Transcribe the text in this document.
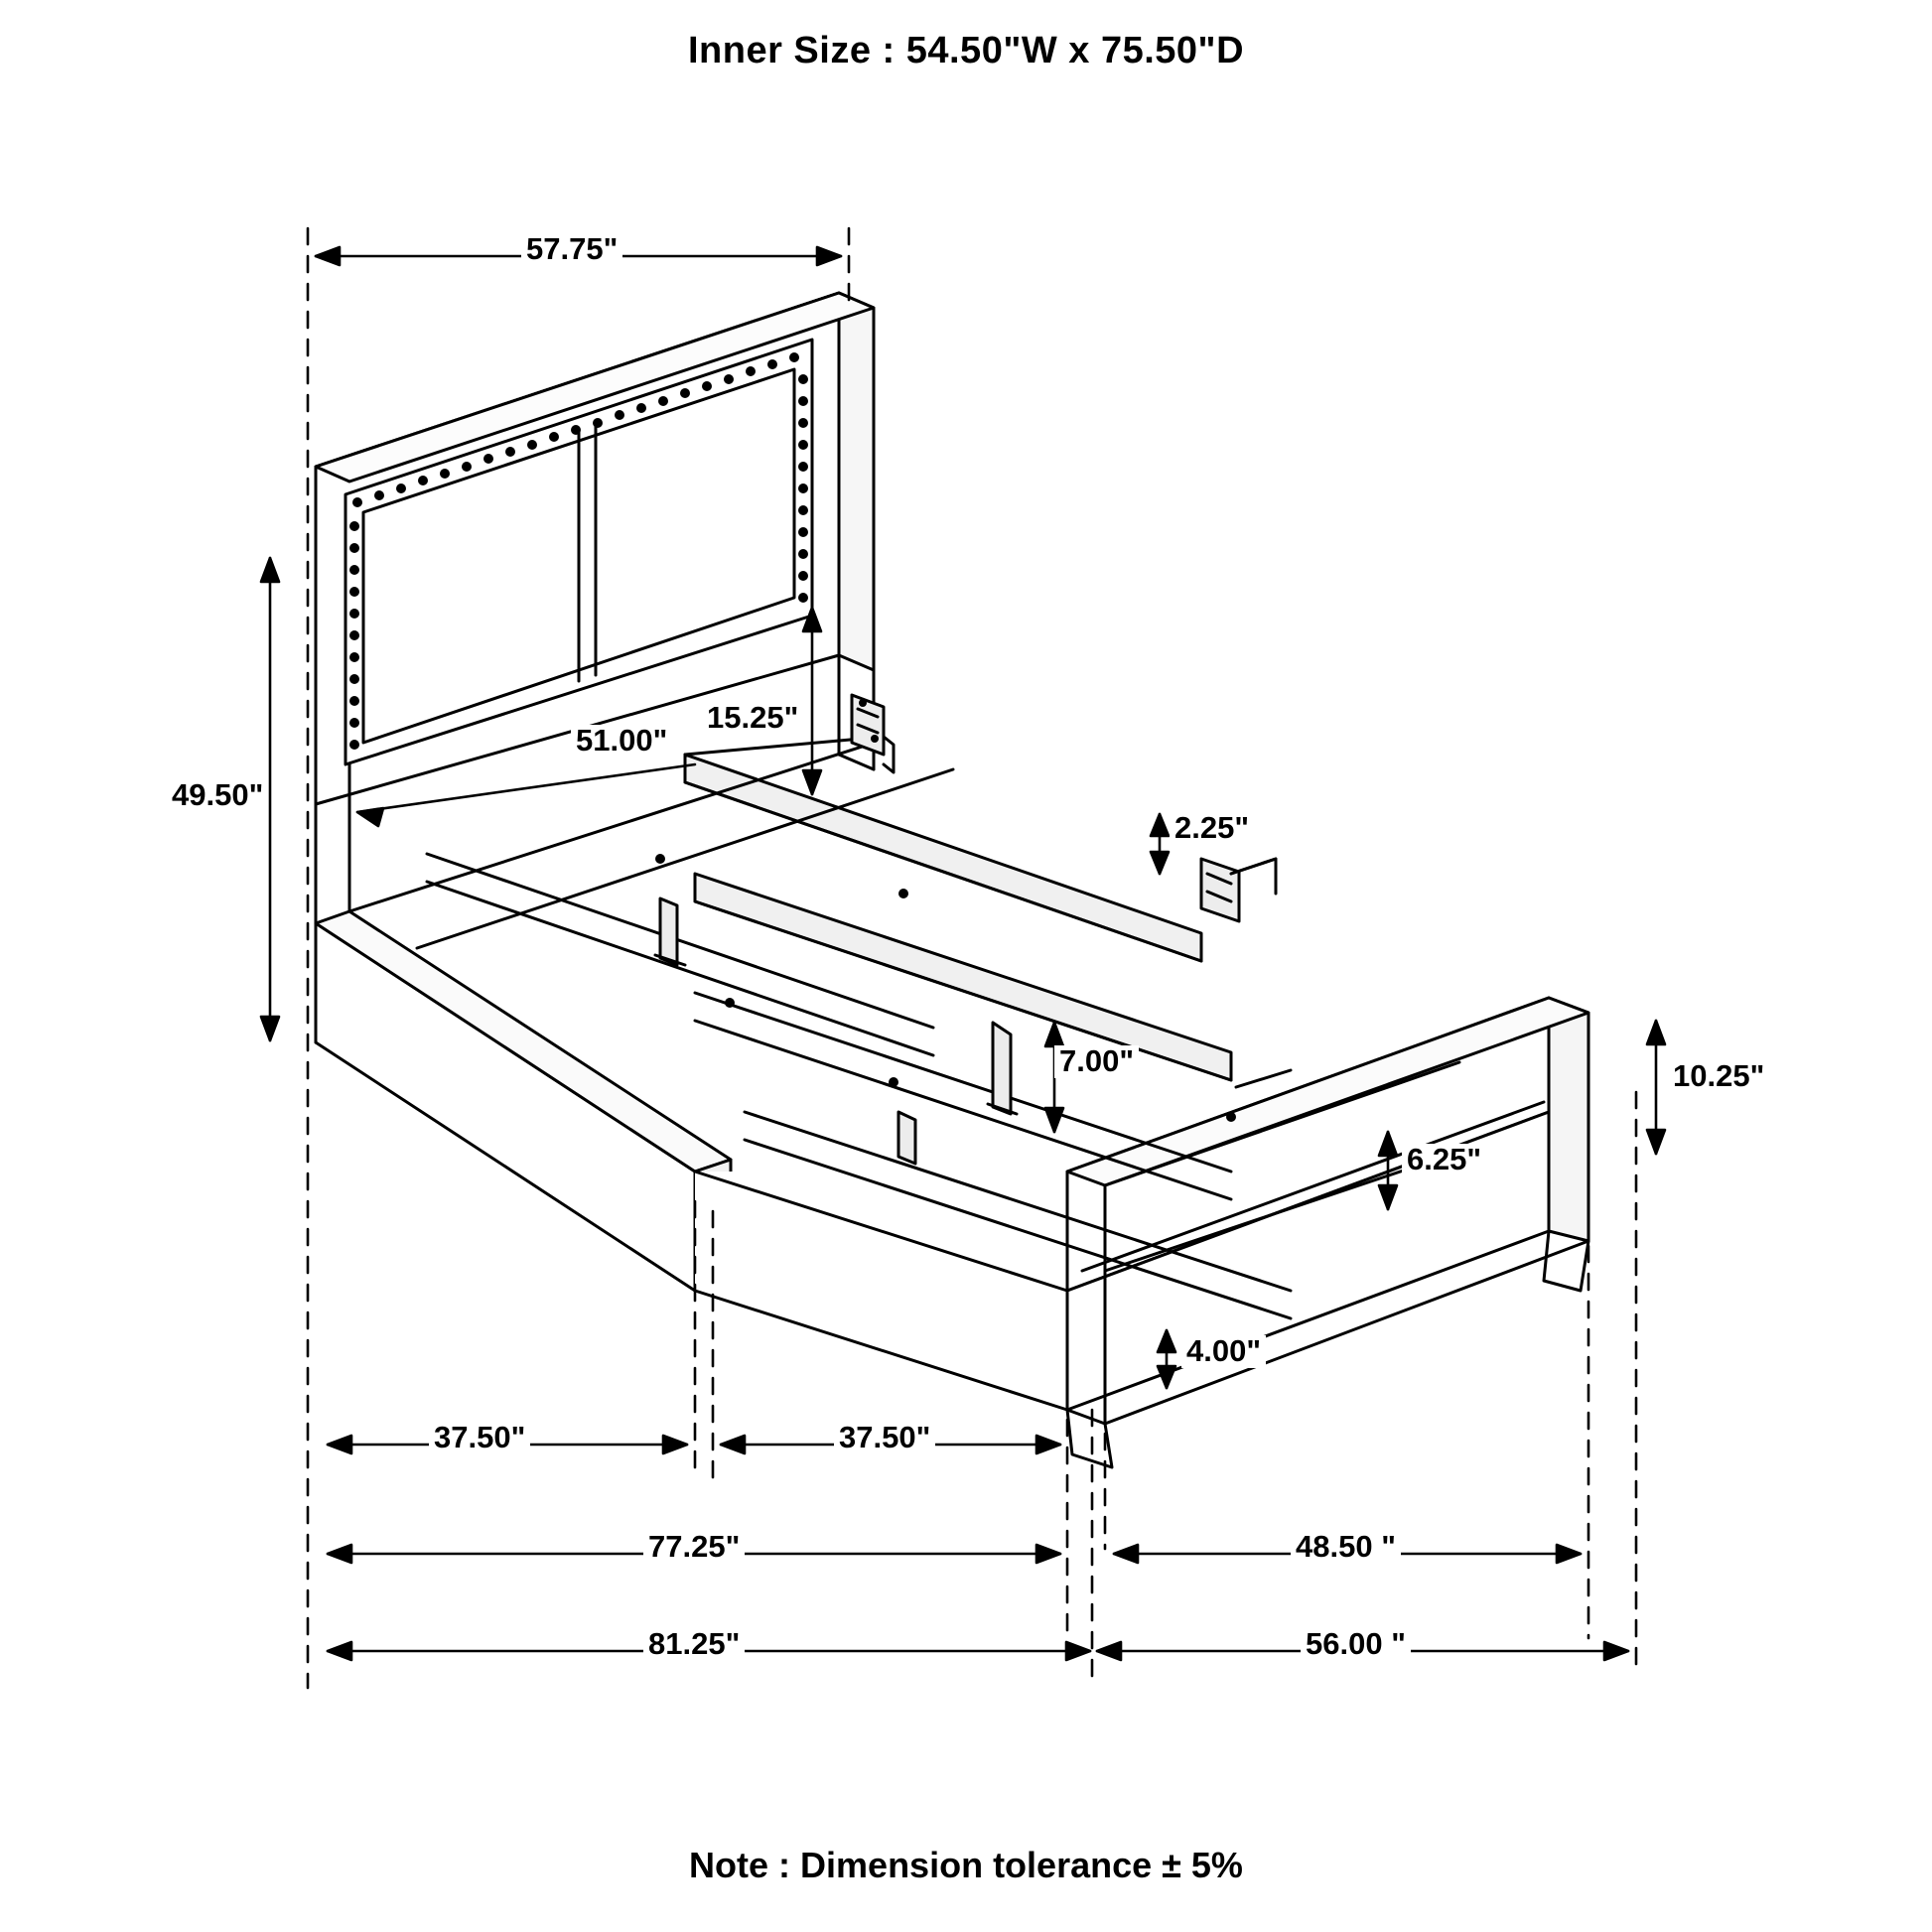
Inner Size : 54.50"W x 75.50"D
57.75"
49.50"
51.00"
15.25"
2.25"
7.00"	10.25"
6.25"
4.00"
37.50"	37.50"
77.25"	48.50 "
81.25"	56.00 "
Note : Dimension tolerance ± 5%
